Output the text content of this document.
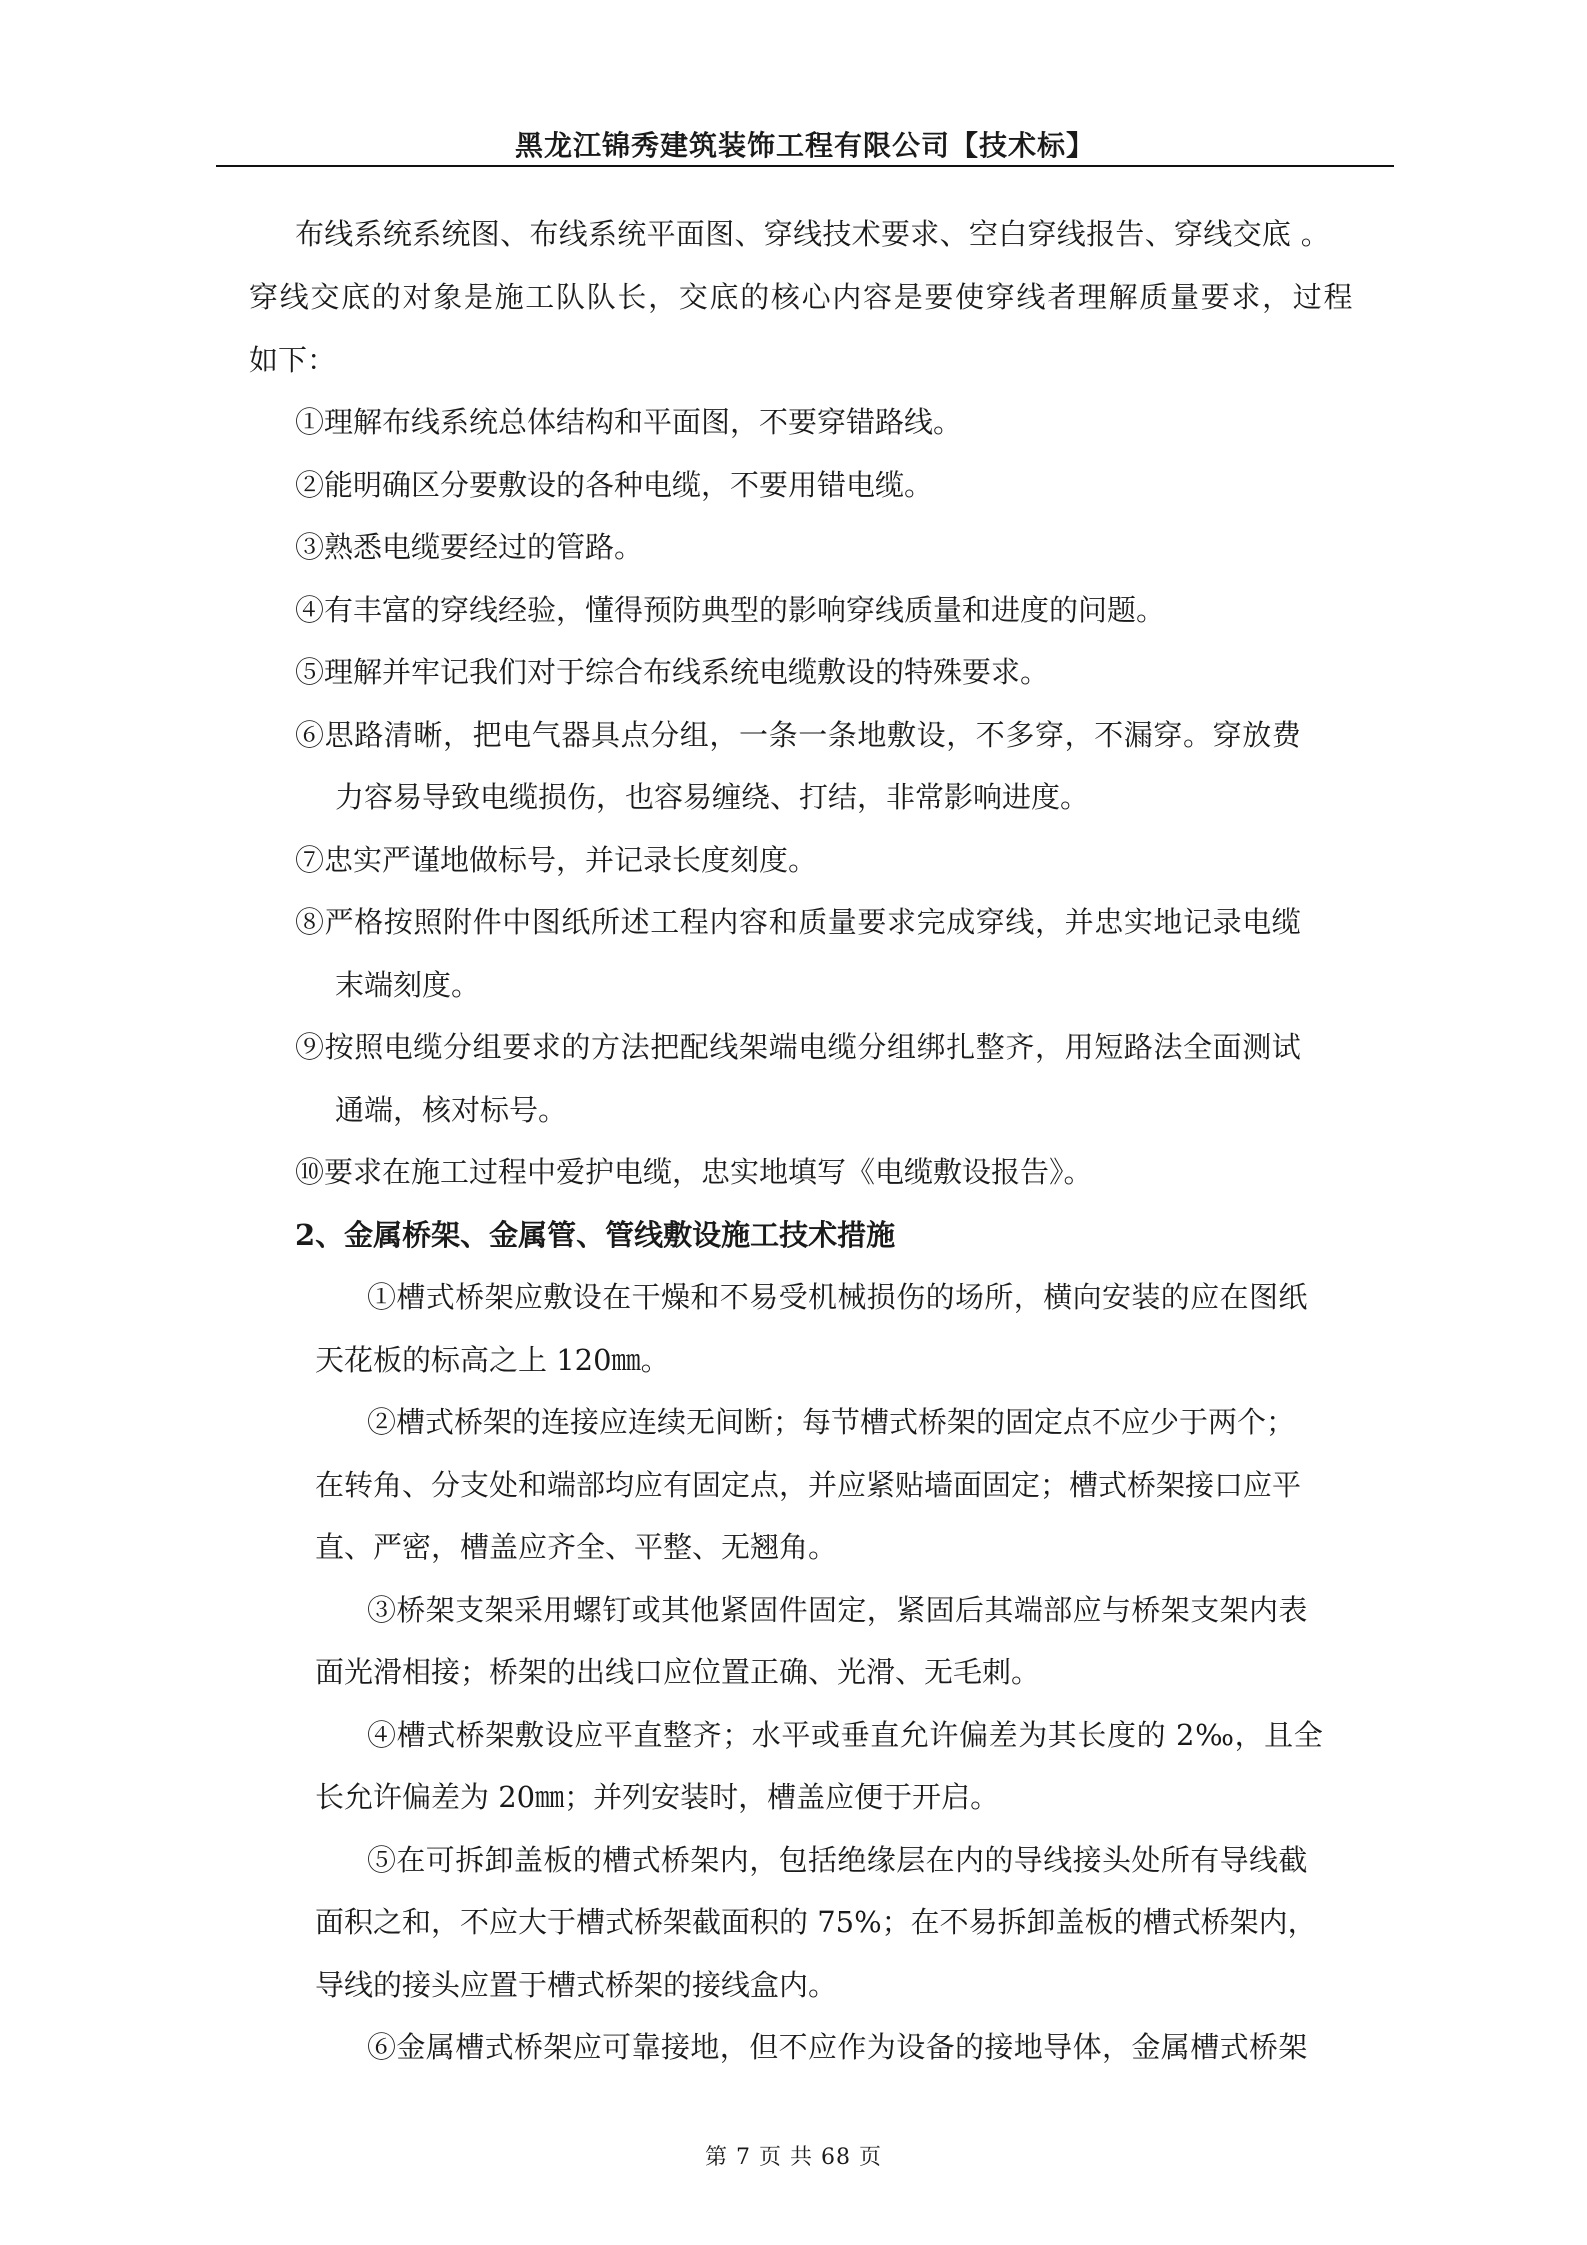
黑龙江锦秀建筑装饰工程有限公司【技术标】
布线系统系统图、布线系统平面图、穿线技术要求、空白穿线报告、穿线交底 。
穿线交底的对象是施工队队长，交底的核心内容是要使穿线者理解质量要求，过程
如下：
①理解布线系统总体结构和平面图，不要穿错路线。
②能明确区分要敷设的各种电缆，不要用错电缆。
③熟悉电缆要经过的管路。
④有丰富的穿线经验，懂得预防典型的影响穿线质量和进度的问题。
⑤理解并牢记我们对于综合布线系统电缆敷设的特殊要求。
⑥思路清晰，把电气器具点分组，一条一条地敷设，不多穿，不漏穿。穿放费
力容易导致电缆损伤，也容易缠绕、打结，非常影响进度。
⑦忠实严谨地做标号，并记录长度刻度。
⑧严格按照附件中图纸所述工程内容和质量要求完成穿线，并忠实地记录电缆
末端刻度。
⑨按照电缆分组要求的方法把配线架端电缆分组绑扎整齐，用短路法全面测试
通端，核对标号。
⑩要求在施工过程中爱护电缆，忠实地填写《电缆敷设报告》。
2、金属桥架、金属管、管线敷设施工技术措施
①槽式桥架应敷设在干燥和不易受机械损伤的场所，横向安装的应在图纸
天花板的标高之上 120㎜。
②槽式桥架的连接应连续无间断；每节槽式桥架的固定点不应少于两个；
在转角、分支处和端部均应有固定点，并应紧贴墙面固定；槽式桥架接口应平
直、严密，槽盖应齐全、平整、无翘角。
③桥架支架采用螺钉或其他紧固件固定，紧固后其端部应与桥架支架内表
面光滑相接；桥架的出线口应位置正确、光滑、无毛刺。
④槽式桥架敷设应平直整齐；水平或垂直允许偏差为其长度的 2‰，且全
长允许偏差为 20㎜；并列安装时，槽盖应便于开启。
⑤在可拆卸盖板的槽式桥架内，包括绝缘层在内的导线接头处所有导线截
面积之和，不应大于槽式桥架截面积的 75%；在不易拆卸盖板的槽式桥架内，
导线的接头应置于槽式桥架的接线盒内。
⑥金属槽式桥架应可靠接地，但不应作为设备的接地导体，金属槽式桥架
第 7 页 共 68 页
